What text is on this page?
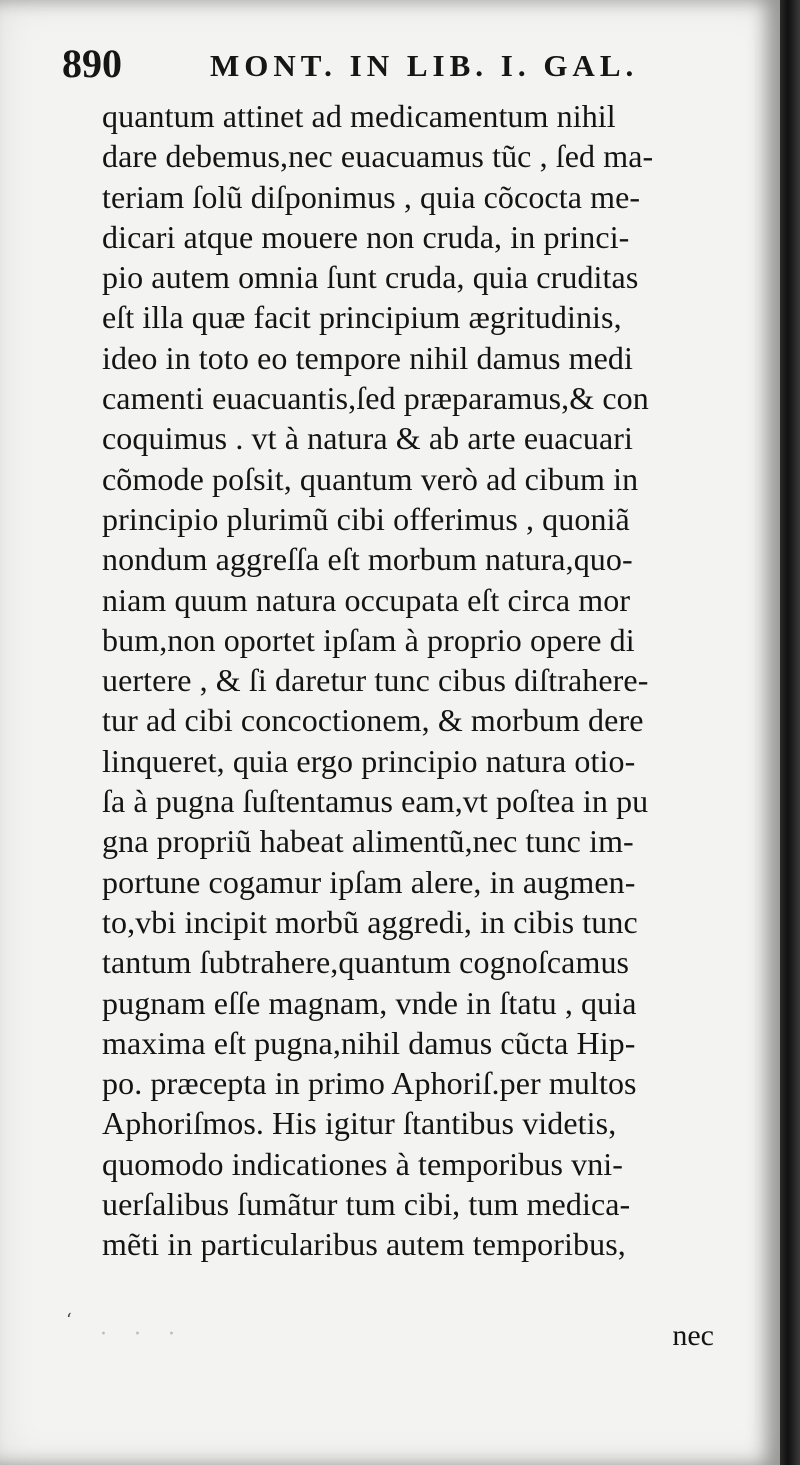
890	MONT. IN LIB. I. GAL.
quantum attinet ad medicamentum nihil
dare debemus,nec euacuamus tũc , ſed ma-
teriam ſolũ diſponimus , quia cõcocta me-
dicari atque mouere non cruda, in princi-
pio autem omnia ſunt cruda, quia cruditas
eſt illa quæ facit principium ægritudinis,
ideo in toto eo tempore nihil damus medi
camenti euacuantis,ſed præparamus,& con
coquimus . vt à natura & ab arte euacuari
cõmode poſsit, quantum verò ad cibum in
principio plurimũ cibi offerimus , quoniã
nondum aggreſſa eſt morbum natura,quo-
niam quum natura occupata eſt circa mor
bum,non oportet ipſam à proprio opere di
uertere , & ſi daretur tunc cibus diſtrahere-
tur ad cibi concoctionem, & morbum dere
linqueret, quia ergo principio natura otio-
ſa à pugna ſuſtentamus eam,vt poſtea in pu
gna propriũ habeat alimentũ,nec tunc im-
portune cogamur ipſam alere, in augmen-
to,vbi incipit morbũ aggredi, in cibis tunc
tantum ſubtrahere,quantum cognoſcamus
pugnam eſſe magnam, vnde in ſtatu , quia
maxima eſt pugna,nihil damus cũcta Hip-
po. præcepta in primo Aphoriſ.per multos
Aphoriſmos. His igitur ſtantibus videtis,
quomodo indicationes à temporibus vni-
uerſalibus ſumãtur tum cibi, tum medica-
mẽti in particularibus autem temporibus,
‘
· · ·	nec
